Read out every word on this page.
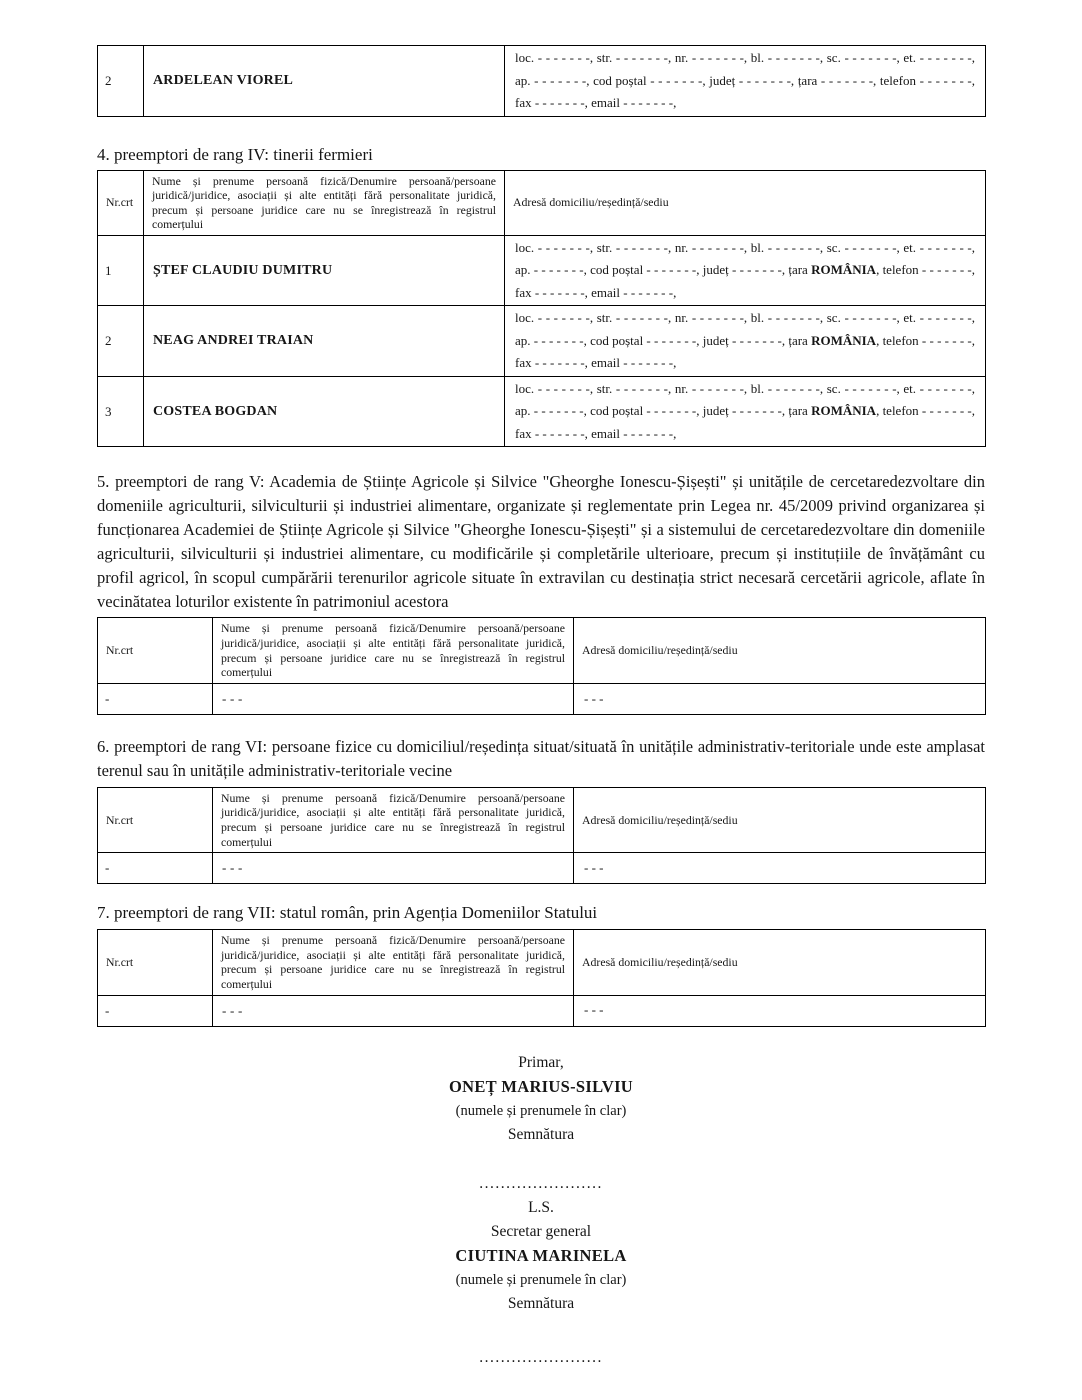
2	ARDELEAN VIOREL	loc. - - - - - - -, str. - - - - - - -, nr. - - - - - - -, bl. - - - - - - -, sc. - - - - - - -, et. - - - - - - -, ap. - - - - - - -, cod poștal - - - - - - -, județ - - - - - - -, țara - - - - - - -, telefon - - - - - - -, fax - - - - - - -, email - - - - - - -,
4. preemptori de rang IV: tinerii fermieri
Nr.crt	Nume și prenume persoană fizică/Denumire persoană/persoane juridică/juridice, asociații și alte entități fără personalitate juridică, precum și persoane juridice care nu se înregistrează în registrul comerțului	Adresă domiciliu/reședință/sediu
1	ȘTEF CLAUDIU DUMITRU	loc. - - - - - - -, str. - - - - - - -, nr. - - - - - - -, bl. - - - - - - -, sc. - - - - - - -, et. - - - - - - -, ap. - - - - - - -, cod poștal - - - - - - -, județ - - - - - - -, țara ROMÂNIA, telefon - - - - - - -, fax - - - - - - -, email - - - - - - -,
2	NEAG ANDREI TRAIAN	loc. - - - - - - -, str. - - - - - - -, nr. - - - - - - -, bl. - - - - - - -, sc. - - - - - - -, et. - - - - - - -, ap. - - - - - - -, cod poștal - - - - - - -, județ - - - - - - -, țara ROMÂNIA, telefon - - - - - - -, fax - - - - - - -, email - - - - - - -,
3	COSTEA BOGDAN	loc. - - - - - - -, str. - - - - - - -, nr. - - - - - - -, bl. - - - - - - -, sc. - - - - - - -, et. - - - - - - -, ap. - - - - - - -, cod poștal - - - - - - -, județ - - - - - - -, țara ROMÂNIA, telefon - - - - - - -, fax - - - - - - -, email - - - - - - -,
5. preemptori de rang V: Academia de Științe Agricole și Silvice "Gheorghe Ionescu-Șișești" și unitățile de cercetaredezvoltare din domeniile agriculturii, silviculturii și industriei alimentare, organizate și reglementate prin Legea nr. 45/2009 privind organizarea și funcționarea Academiei de Științe Agricole și Silvice "Gheorghe Ionescu-Șișești" și a sistemului de cercetaredezvoltare din domeniile agriculturii, silviculturii și industriei alimentare, cu modificările și completările ulterioare, precum și instituțiile de învățământ cu profil agricol, în scopul cumpărării terenurilor agricole situate în extravilan cu destinația strict necesară cercetării agricole, aflate în vecinătatea loturilor existente în patrimoniul acestora
Nr.crt	Nume și prenume persoană fizică/Denumire persoană/persoane juridică/juridice, asociații și alte entități fără personalitate juridică, precum și persoane juridice care nu se înregistrează în registrul comerțului	Adresă domiciliu/reședință/sediu
-	- - -	- - -
6. preemptori de rang VI: persoane fizice cu domiciliul/reședința situat/situată în unitățile administrativ-teritoriale unde este amplasat terenul sau în unitățile administrativ-teritoriale vecine
Nr.crt	Nume și prenume persoană fizică/Denumire persoană/persoane juridică/juridice, asociații și alte entități fără personalitate juridică, precum și persoane juridice care nu se înregistrează în registrul comerțului	Adresă domiciliu/reședință/sediu
-	- - -	- - -
7. preemptori de rang VII: statul român, prin Agenția Domeniilor Statului
Nr.crt	Nume și prenume persoană fizică/Denumire persoană/persoane juridică/juridice, asociații și alte entități fără personalitate juridică, precum și persoane juridice care nu se înregistrează în registrul comerțului	Adresă domiciliu/reședință/sediu
-	- - -	- - -
Primar,
ONEȚ MARIUS-SILVIU
(numele și prenumele în clar)
Semnătura
.......................
L.S.
Secretar general
CIUTINA MARINELA
(numele și prenumele în clar)
Semnătura
.......................
